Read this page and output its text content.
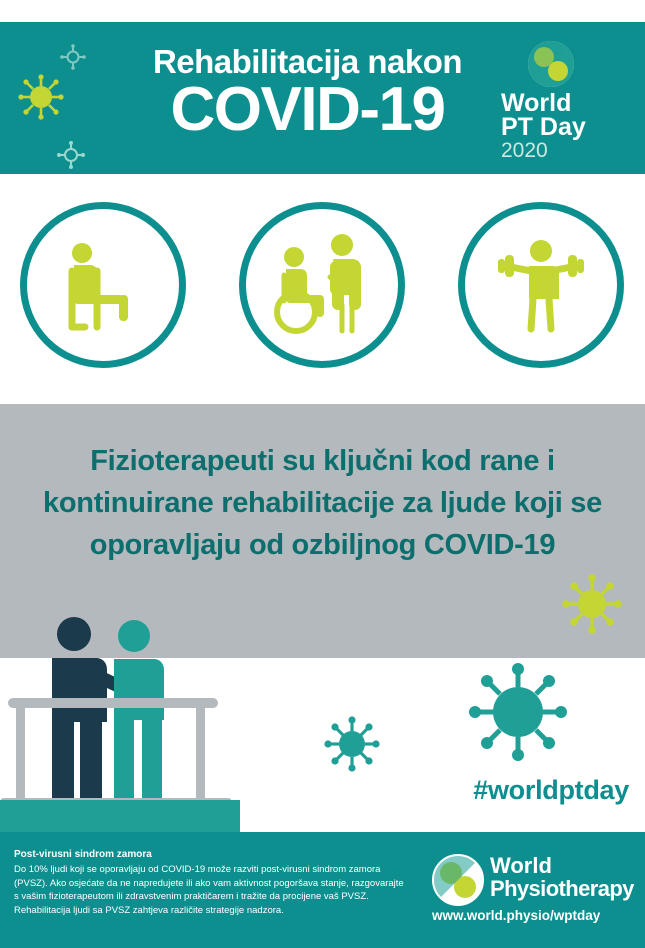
Rehabilitacija nakon
COVID-19	World
PT Day
2020
Fizioterapeuti su ključni kod rane i kontinuirane rehabilitacije za ljude koji se oporavljaju od ozbiljnog COVID-19
#worldptday
Post-virusni sindrom zamora
Do 10% ljudi koji se oporavljaju od COVID-19 može razviti post-virusni sindrom zamora (PVSZ). Ako osjećate da ne napredujete ili ako vam aktivnost pogoršava stanje, razgovarajte s vašim fizioterapeutom ili zdravstvenim praktičarem i tražite da procijene vaš PVSZ. Rehabilitacija ljudi sa PVSZ zahtjeva različite strategije nadzora.
World
Physiotherapy
www.world.physio/wptday
